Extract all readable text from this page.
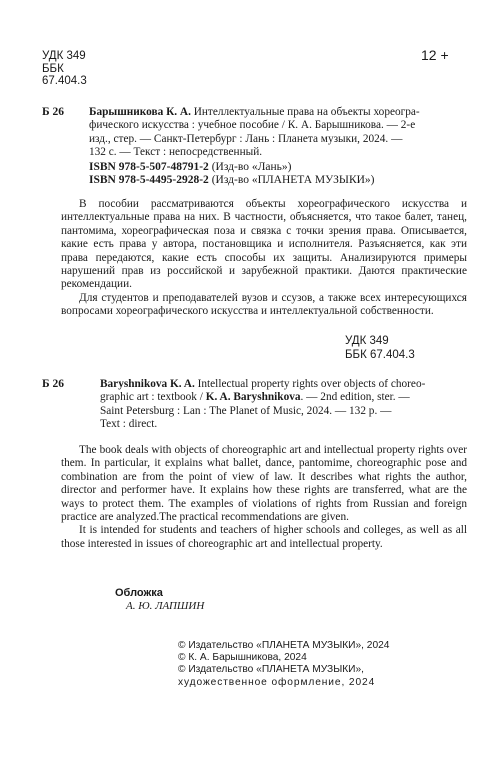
УДК 349
ББК
67.404.3
12 +
Б 26 Барышникова К. А. Интеллектуальные права на объекты хореогра-
фического искусства : учебное пособие / К. А. Барышникова. — 2-е
изд., стер. — Санкт-Петербург : Лань : Планета музыки, 2024. —
132 с. — Текст : непосредственный.
ISBN 978-5-507-48791-2 (Изд-во «Лань»)
ISBN 978-5-4495-2928-2 (Изд-во «ПЛАНЕТА МУЗЫКИ»)

В пособии рассматриваются объекты хореографического искусства и интеллектуальные права на них. В частности, объясняется, что такое балет, танец, пантомима, хореографическая поза и связка с точки зрения права. Описывается, какие есть права у автора, постановщика и исполнителя. Разъясняется, как эти права передаются, какие есть способы их защиты. Анализируются примеры нарушений прав из российской и зарубежной практики. Даются практические рекомендации.

Для студентов и преподавателей вузов и ссузов, а также всех интересующихся вопросами хореографического искусства и интеллектуальной собственности.

УДК 349
ББК 67.404.3
Б 26	Baryshnikova K. A. Intellectual property rights over objects of choreo-
graphic art : textbook / K. A. Baryshnikova. — 2nd edition, ster. —
Saint Petersburg : Lan : The Planet of Music, 2024. — 132 p. —
Text : direct.

The book deals with objects of choreographic art and intellectual property rights over them. In particular, it explains what ballet, dance, pantomime, choreographic pose and combination are from the point of view of law. It describes what rights the author, director and performer have. It explains how these rights are transferred, what are the ways to protect them. The examples of violations of rights from Russian and foreign practice are analyzed.The practical recommendations are given.

It is intended for students and teachers of higher schools and colleges, as well as all those interested in issues of choreographic art and intellectual property.

Обложка
А. Ю. ЛАПШИН
© Издательство «ПЛАНЕТА МУЗЫКИ», 2024
© К. А. Барышникова, 2024
© Издательство «ПЛАНЕТА МУЗЫКИ»,
художественное оформление, 2024
